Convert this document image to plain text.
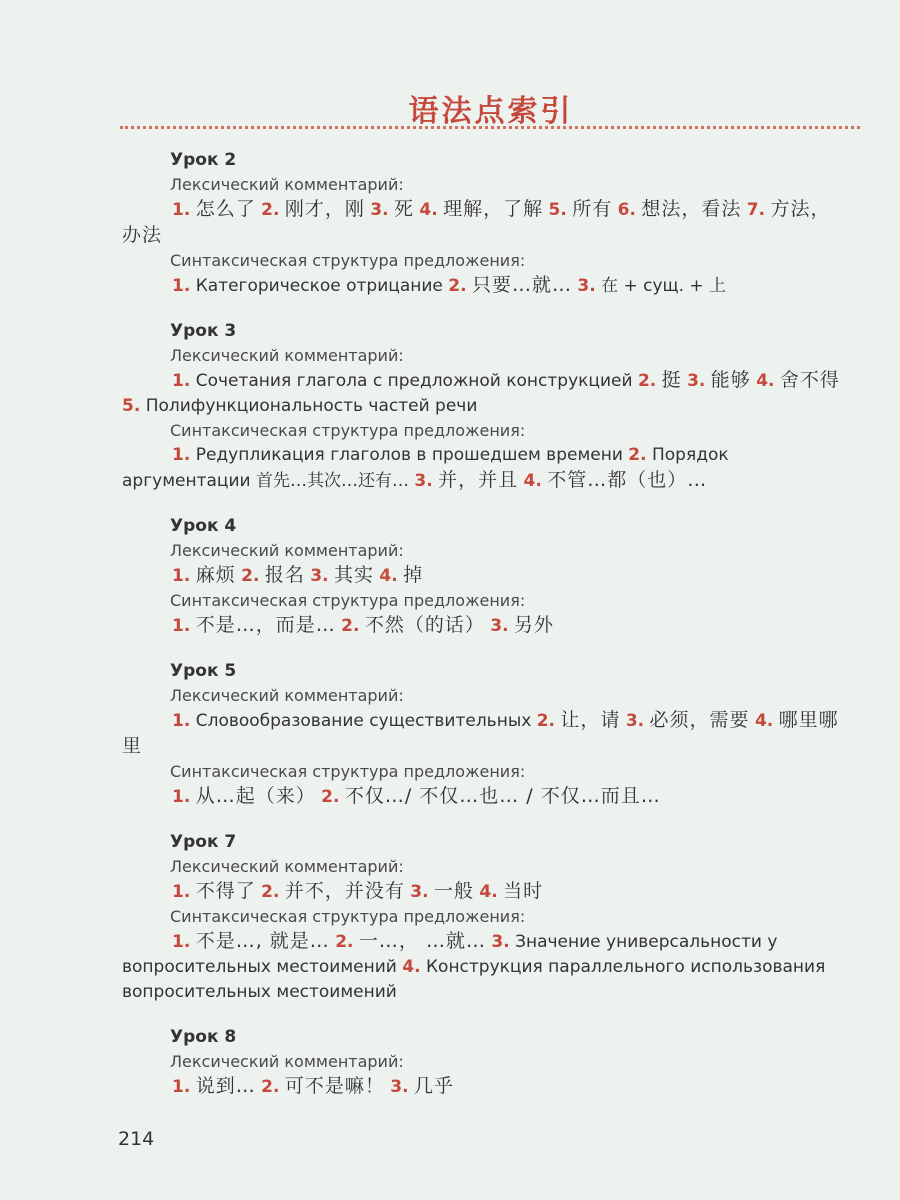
语法点索引
Урок 2
Лексический комментарий:
1. 怎么了 2. 刚才，刚 3. 死 4. 理解，了解 5. 所有 6. 想法，看法 7. 方法，办法
Синтаксическая структура предложения:
1. Категорическое отрицание 2. 只要…就… 3. 在 + сущ. + 上
Урок 3
Лексический комментарий:
1. Сочетания глагола с предложной конструкцией 2. 挺 3. 能够 4. 舍不得 5. Полифункциональность частей речи
Синтаксическая структура предложения:
1. Редупликация глаголов в прошедшем времени 2. Порядок аргументации 首先…其次…还有… 3. 并，并且 4. 不管…都（也）…
Урок 4
Лексический комментарий:
1. 麻烦 2. 报名 3. 其实 4. 掉
Синтаксическая структура предложения:
1. 不是…，而是… 2. 不然（的话） 3. 另外
Урок 5
Лексический комментарий:
1. Словообразование существительных 2. 让，请 3. 必须，需要 4. 哪里哪里
Синтаксическая структура предложения:
1. 从…起（来） 2. 不仅…/ 不仅…也… / 不仅…而且…
Урок 7
Лексический комментарий:
1. 不得了 2. 并不，并没有 3. 一般 4. 当时
Синтаксическая структура предложения:
1. 不是…, 就是… 2. 一…， …就… 3. Значение универсальности у вопросительных местоимений 4. Конструкция параллельного использования вопросительных местоимений
Урок 8
Лексический комментарий:
1. 说到… 2. 可不是嘛！ 3. 几乎
214
